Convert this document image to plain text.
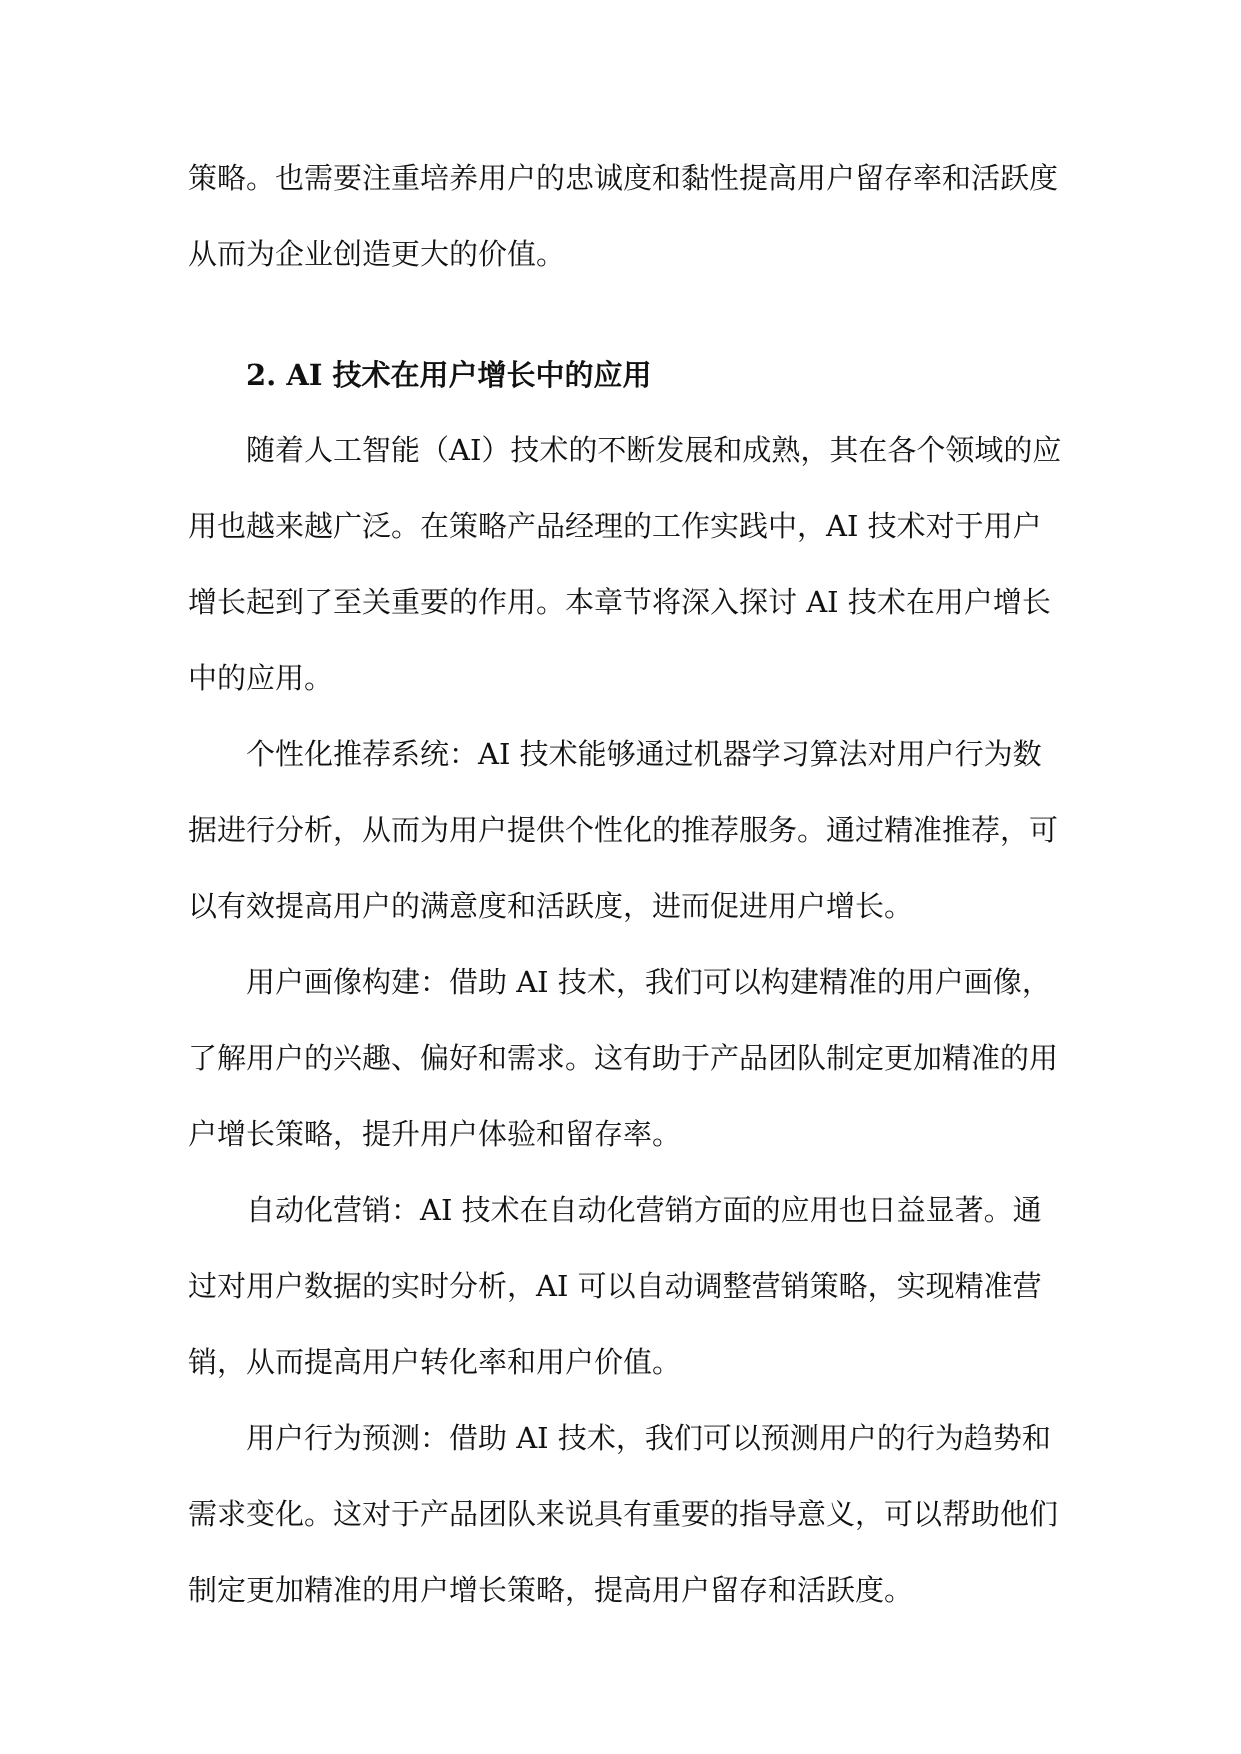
策略。也需要注重培养用户的忠诚度和黏性提高用户留存率和活跃度
从而为企业创造更大的价值。
2. AI 技术在用户增长中的应用
随着人工智能（AI）技术的不断发展和成熟，其在各个领域的应
用也越来越广泛。在策略产品经理的工作实践中，AI 技术对于用户
增长起到了至关重要的作用。本章节将深入探讨 AI 技术在用户增长
中的应用。
个性化推荐系统：AI 技术能够通过机器学习算法对用户行为数
据进行分析，从而为用户提供个性化的推荐服务。通过精准推荐，可
以有效提高用户的满意度和活跃度，进而促进用户增长。
用户画像构建：借助 AI 技术，我们可以构建精准的用户画像，
了解用户的兴趣、偏好和需求。这有助于产品团队制定更加精准的用
户增长策略，提升用户体验和留存率。
自动化营销：AI 技术在自动化营销方面的应用也日益显著。通
过对用户数据的实时分析，AI 可以自动调整营销策略，实现精准营
销，从而提高用户转化率和用户价值。
用户行为预测：借助 AI 技术，我们可以预测用户的行为趋势和
需求变化。这对于产品团队来说具有重要的指导意义，可以帮助他们
制定更加精准的用户增长策略，提高用户留存和活跃度。
